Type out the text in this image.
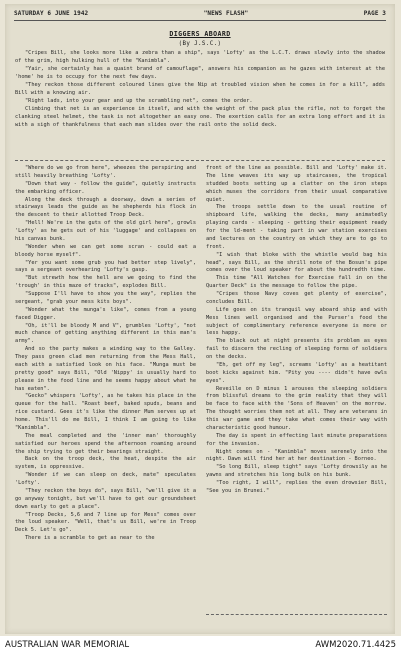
SATURDAY 6 JUNE 1942	"NEWS FLASH"	PAGE 3
DIGGERS ABOARD
(By J.S.C.)

"Cripes Bill, she looks more like a zebra than a ship", says 'Lofty' as the L.C.T. draws slowly into the shadow of the grim, high hulking hull of the "Kanimbla".

"Yair, she certainly has a quaint brand of camouflage", answers his companion as he gazes with interest at the 'home' he is to occupy for the next few days.

"They reckon those different coloured lines give the Nip at troubled vision when he comes in for a kill", adds Bill with a knowing air.

"Right lads, into your gear and up the scrambling net", comes the order.

Climbing that net is an experience in itself, and with the weight of the pack plus the rifle, not to forget the clanking steel helmet, the task is not altogether an easy one. The exertion calls for an extra long effort and it is with a sigh of thankfulness that each man slides over the rail onto the solid deck.

"Where do we go from here", wheezes the perspiring and still heavily breathing 'Lofty'.

"Down that way - follow the guide", quietly instructs the embarking officer.

Along the deck through a doorway, down a series of stairways leads the guide as he shepherds his flock in the descent to their allotted Troop Deck.

"Hell! We're in the guts of the old girl here", growls 'Lofty' as he gets out of his 'luggage' and collapses on his canvas bunk.

"Wonder when we can get some scran - could eat a bloody horse myself".

"Yer you want some grub you had better step lively", says a sergeant overhearing 'Lofty's gasp.

"But strewth how the hell are we going to find the 'trough' in this maze of tracks", explodes Bill.

"Suppose I'll have to show you the way", replies the sergeant, "grab your mess kits boys".

"Wonder what the munga's like", comes from a young faced Digger.

"Oh, it'll be bloody M and V", grumbles 'Lofty', "not much chance of getting anything different in this man's army".

And so the party makes a winding way to the Galley. They pass green clad men returning from the Mess Hall, each with a satisfied look on his face. "Munga must be pretty good" says Bill, "Old 'Nippy' is usually hard to please in the food line and he seems happy about what he has eaten".

"Gecko" whispers 'Lofty', as he takes his place in the queue for the hall. "Roast beef, baked spuds, beans and rice custard. Gees it's like the dinner Mum serves up at home. This'll do me Bill, I think I am going to like "Kanimbla".

The meal completed and the 'inner man' thoroughly satisfied our heroes spend the afternoon roaming around the ship trying to get their bearings straight.

Back on the troop deck, the heat, despite the air system, is oppressive.

"Wonder if we can sleep on deck, mate" speculates 'Lofty'.

"They reckon the boys do", says Bill, "we'll give it a go anyway tonight, but we'll have to get our groundsheet down early to get a place".

"Troop Decks, 5,6 and 7 line up for Mess" comes over the loud speaker. "Well, that's us Bill, we're in Troop Deck 5. Let's go".

There is a scramble to get as near to the

front of the line as possible. Bill and 'Lofty' make it. The line weaves its way up staircases, the tropical studded boots setting up a clatter on the iron steps which muses the corridors from their usual comparative quiet.

The troops settle down to the usual routine of shipboard life, walking the decks, many animatedly playing cards - sleeping - getting their equipment ready for the ld-ment - taking part in war station exercises and lectures on the country on which they are to go to front.

"I wish that bloke with the whistle would bag his head", says Bill, as the shrill note of the Bosun's pipe comes over the loud speaker for about the hundredth time.

This time "All Watches for Exercise fall in on the Quarter Deck" is the message to follow the pipe.

"Cripes those Navy coves get plenty of exercise", concludes Bill.

Life goes on its tranquil way aboard ship and with Mess lines well organised and the Purser's food the subject of complimentary reference everyone is more or less happy.

The black out at night presents its problem as eyes fail to discern the recling of sleeping forms of soldiers on the decks.

"Eh, get off my leg", screams 'Lofty' as a heatitant boot kicks against him. "Pity you ---- didn't have owls eyes".

Reveille on D minus 1 arouses the sleeping soldiers from blissful dreams to the grim reality that they will be face to face with the 'Sons of Heaven' on the morrow. The thought worries them not at all. They are veterans in this war game and they take what comes their way with characteristic good humour.

The day is spent in effecting last minute preparations for the invasion.

Night comes on - "Kanimbla" moves serenely into the night. Dawn will find her at her destination - Borneo.

"So long Bill, sleep tight" says 'Lofty drowsily as he yawns and stretches his long bulk on his bunk.

"Too right, I will", replies the even drowsier Bill, "See you in Brunei."

AUSTRALIAN WAR MEMORIAL	AWM2020.71.4425
